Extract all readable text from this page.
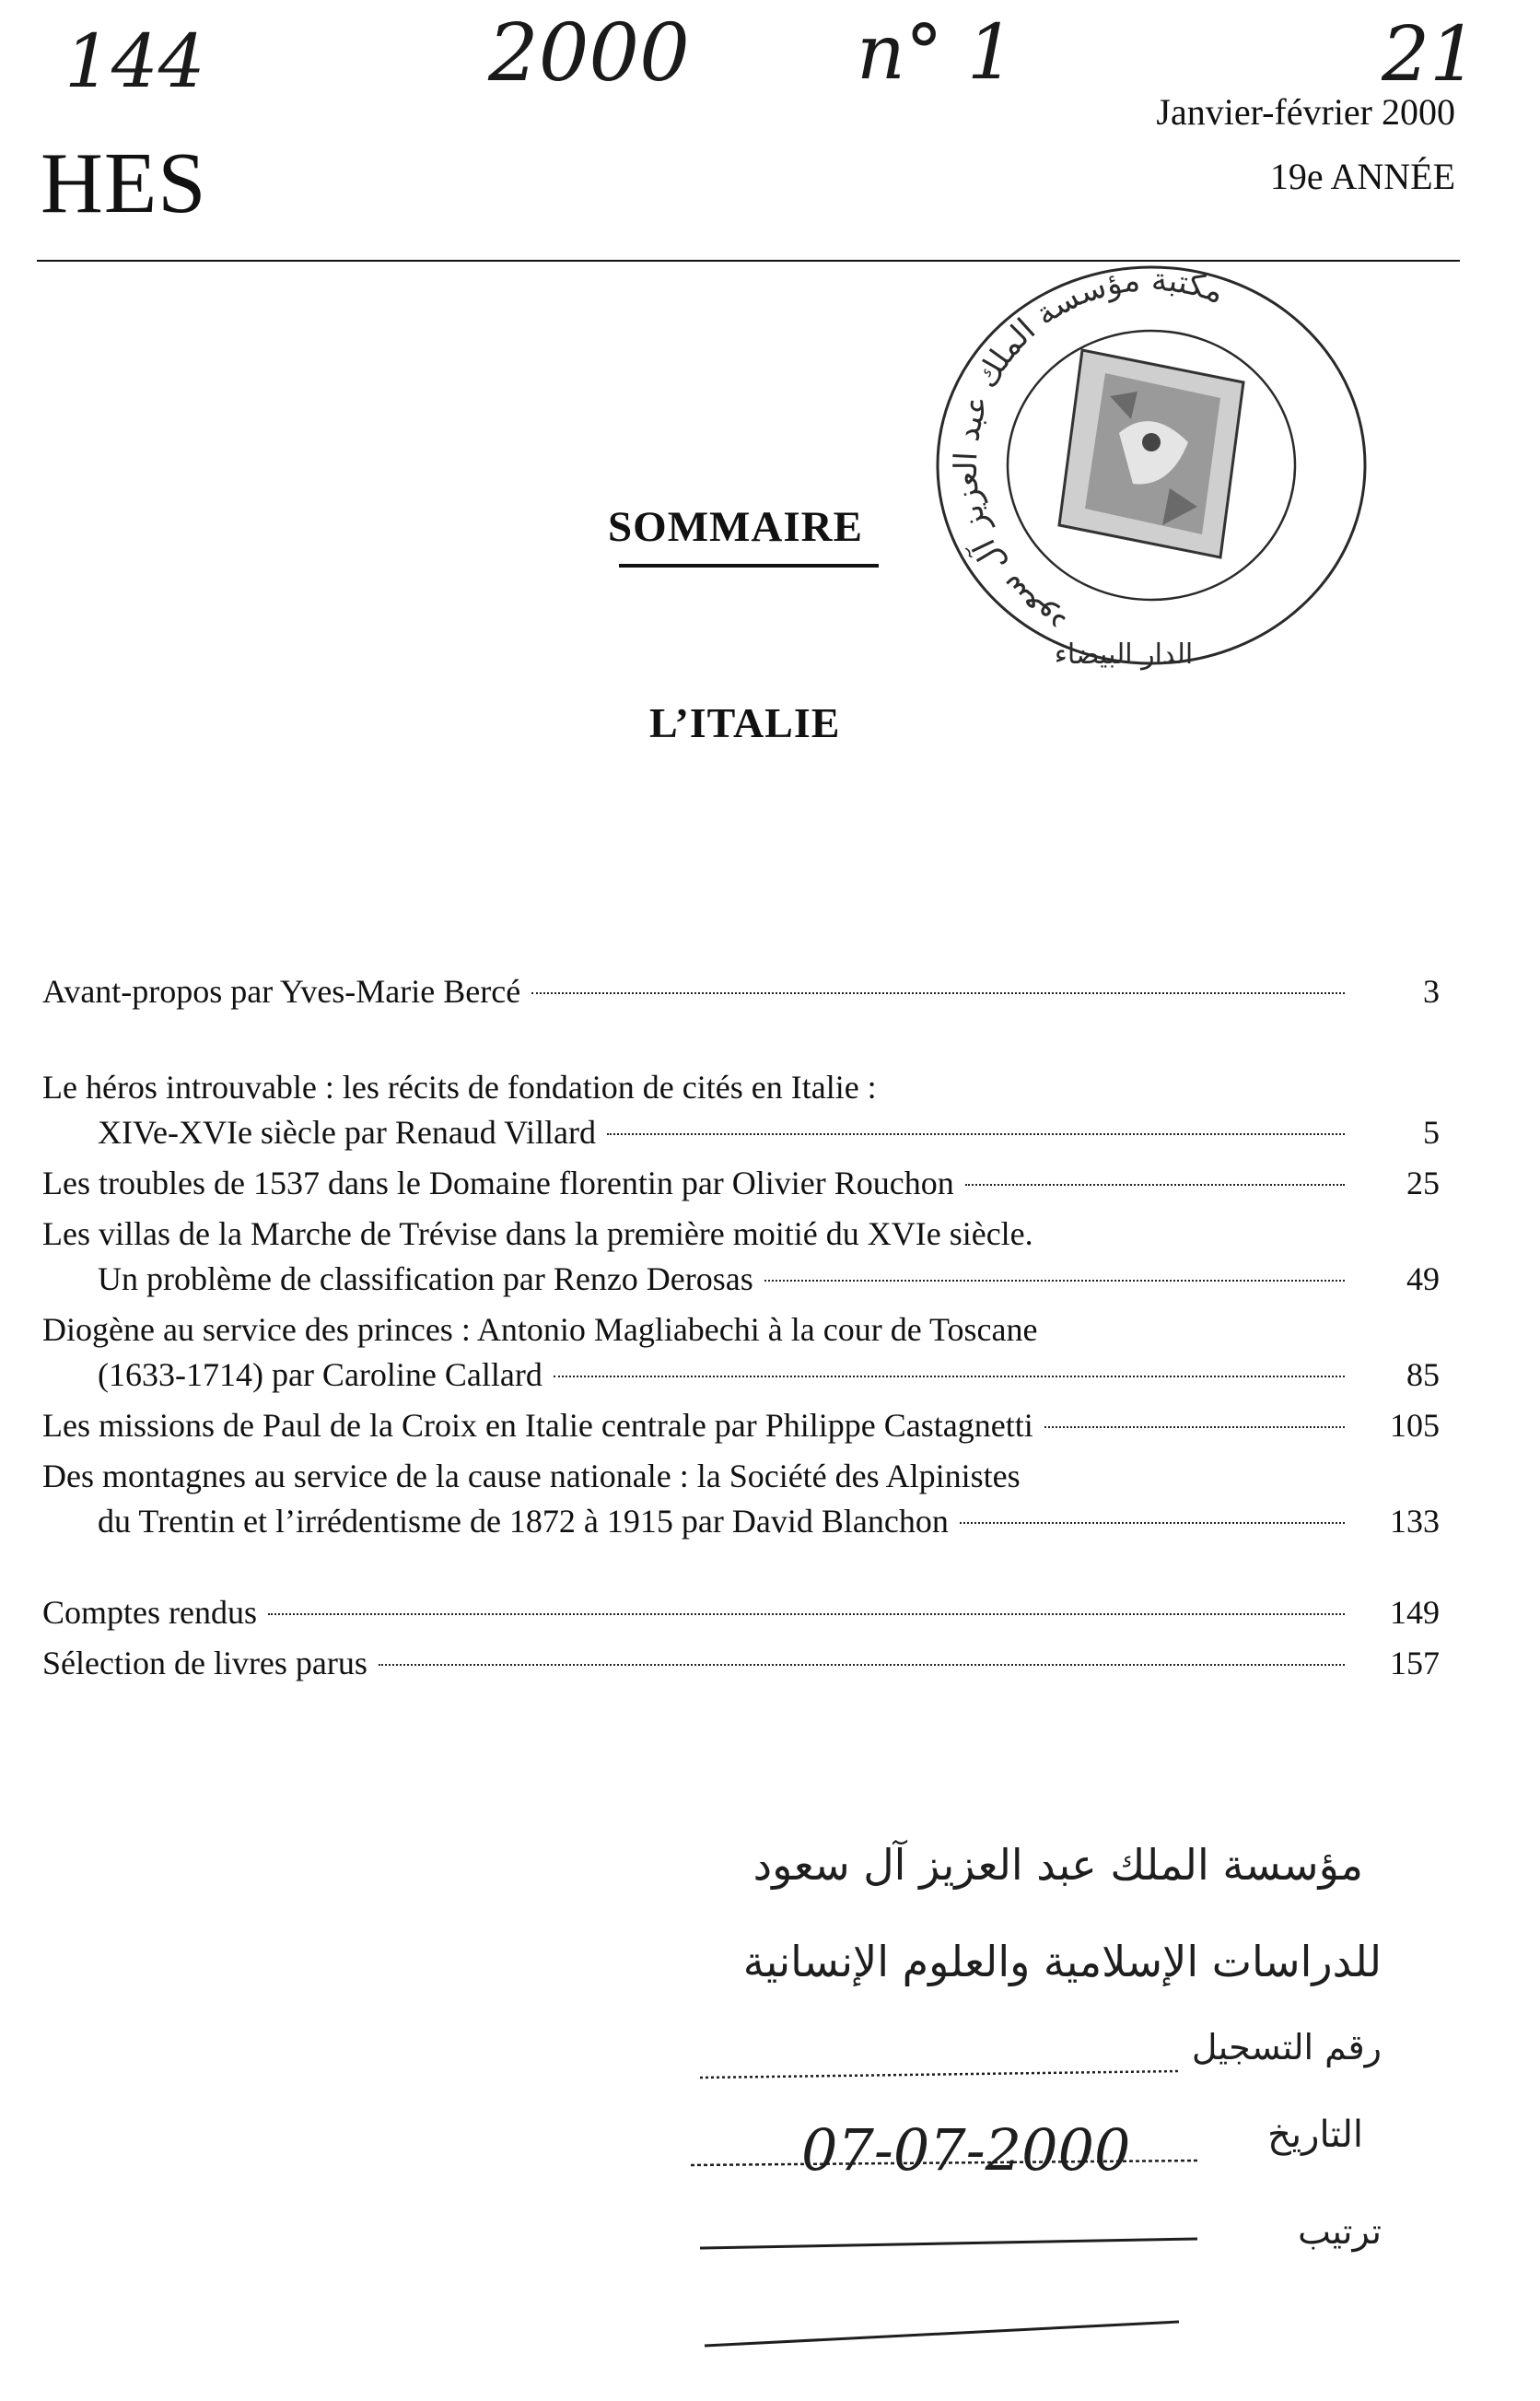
144	2000 n° 1	21

HES

Janvier-février 2000

19e ANNÉE

مكتبة مؤسسة الملك عبد العزيز آل سعود
الدار البيضاء
SOMMAIRE
L’ITALIE
Avant-propos par Yves-Marie Bercé	3
Le héros introuvable : les récits de fondation de cités en Italie :
XIVe-XVIe siècle par Renaud Villard	5
Les troubles de 1537 dans le Domaine florentin par Olivier Rouchon	25
Les villas de la Marche de Trévise dans la première moitié du XVIe siècle.
Un problème de classification par Renzo Derosas	49
Diogène au service des princes : Antonio Magliabechi à la cour de Toscane
(1633-1714) par Caroline Callard	85
Les missions de Paul de la Croix en Italie centrale par Philippe Castagnetti	105
Des montagnes au service de la cause nationale : la Société des Alpinistes
du Trentin et l’irrédentisme de 1872 à 1915 par David Blanchon	133
Comptes rendus	149
Sélection de livres parus	157
مؤسسة الملك عبد العزيز آل سعود
للدراسات الإسلامية والعلوم الإنسانية
رقم التسجيل
التاريخ
ترتيب
07-07-2000
